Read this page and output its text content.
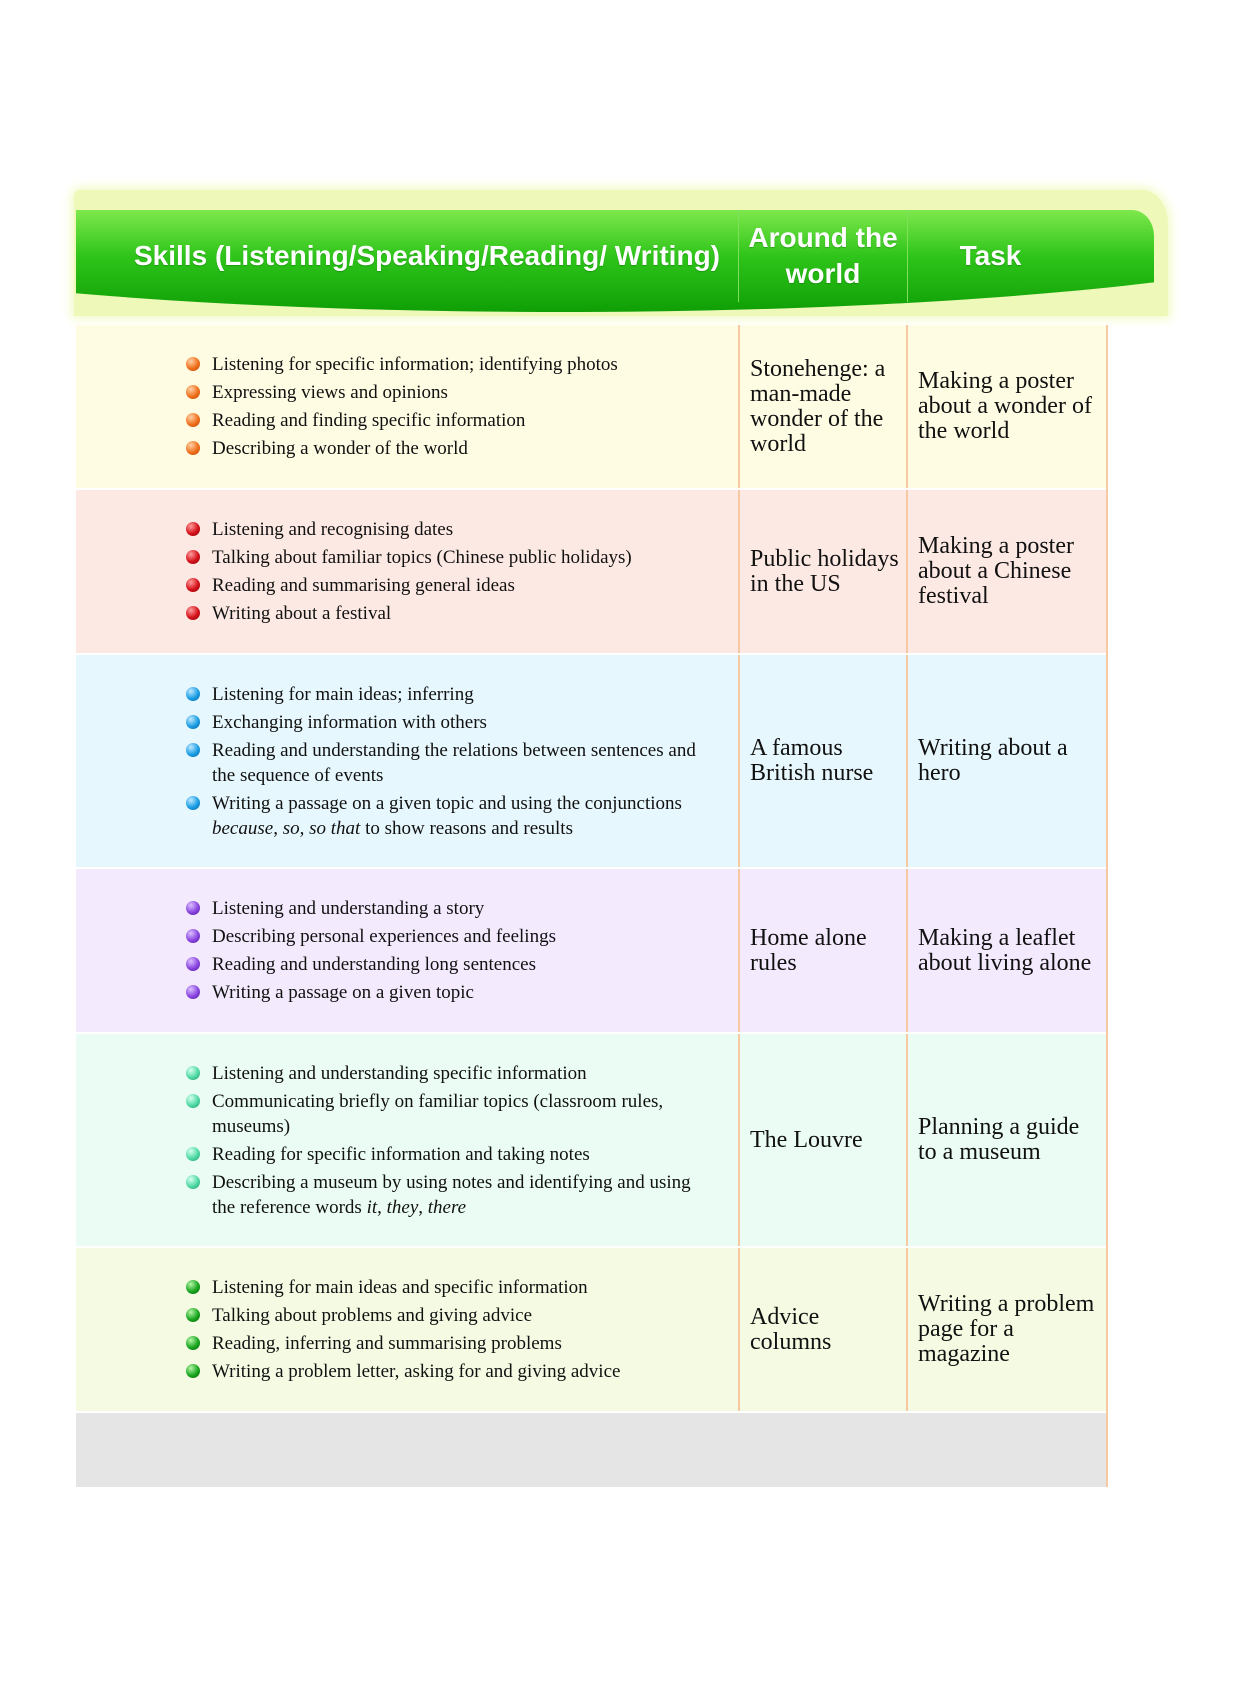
Skills (Listening/Speaking/Reading/ Writing)
Around the world
Task
Listening for specific information; identifying photos
Expressing views and opinions
Reading and finding specific information
Describing a wonder of the world
Stonehenge: a man-made wonder of the world
Making a poster about a wonder of the world
Listening and recognising dates
Talking about familiar topics (Chinese public holidays)
Reading and summarising general ideas
Writing about a festival
Public holidays in the US
Making a poster about a Chinese festival
Listening for main ideas; inferring
Exchanging information with others
Reading and understanding the relations between sentences and the sequence of events
Writing a passage on a given topic and using the conjunctions because, so, so that to show reasons and results
A famous British nurse
Writing about a hero
Listening and understanding a story
Describing personal experiences and feelings
Reading and understanding long sentences
Writing a passage on a given topic
Home alone rules
Making a leaflet about living alone
Listening and understanding specific information
Communicating briefly on familiar topics (classroom rules, museums)
Reading for specific information and taking notes
Describing a museum by using notes and identifying and using the reference words it, they, there
The Louvre Planning a guide to a museum
Listening for main ideas and specific information
Talking about problems and giving advice
Reading, inferring and summarising problems
Writing a problem letter, asking for and giving advice
Advice columns
Writing a problem page for a magazine
